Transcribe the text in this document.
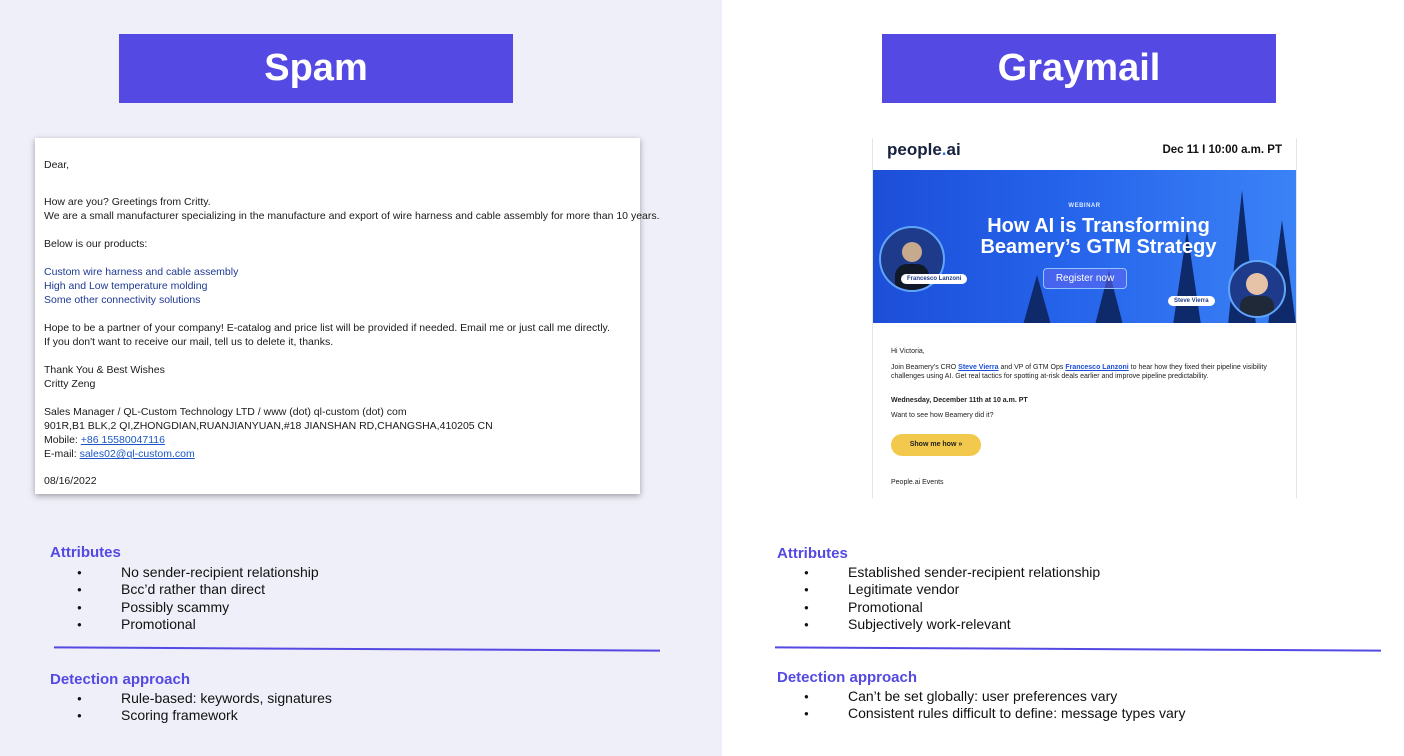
Spam
Dear,
How are you? Greetings from Critty.
We are a small manufacturer specializing in the manufacture and export of wire harness and cable assembly for more than 10 years.
Below is our products:
Custom wire harness and cable assembly
High and Low temperature molding
Some other connectivity solutions
Hope to be a partner of your company! E-catalog and price list will be provided if needed. Email me or just call me directly.
If you don't want to receive our mail, tell us to delete it, thanks.
Thank You & Best Wishes
Critty Zeng
Sales Manager / QL-Custom Technology LTD / www (dot) ql-custom (dot) com
901R,B1 BLK,2 QI,ZHONGDIAN,RUANJIANYUAN,#18 JIANSHAN RD,CHANGSHA,410205 CN
Mobile: +86 15580047116
E-mail: sales02@ql-custom.com
08/16/2022
Attributes
● No sender-recipient relationship
● Bcc’d rather than direct
● Possibly scammy
● Promotional
Detection approach
● Rule-based: keywords, signatures
● Scoring framework
Graymail
people.ai	Dec 11 I 10:00 a.m. PT
WEBINAR
How AI is Transforming
Beamery’s GTM Strategy
Register now
Francesco Lanzoni
Steve Vierra
Hi Victoria,
Join Beamery’s CRO Steve Vierra and VP of GTM Ops Francesco Lanzoni to hear how they fixed their pipeline visibility challenges using AI. Get real tactics for spotting at-risk deals earlier and improve pipeline predictability.
Wednesday, December 11th at 10 a.m. PT
Want to see how Beamery did it?
Show me how »
People.ai Events
Attributes
● Established sender-recipient relationship
● Legitimate vendor
● Promotional
● Subjectively work-relevant
Detection approach
● Can’t be set globally: user preferences vary
● Consistent rules difficult to define: message types vary
